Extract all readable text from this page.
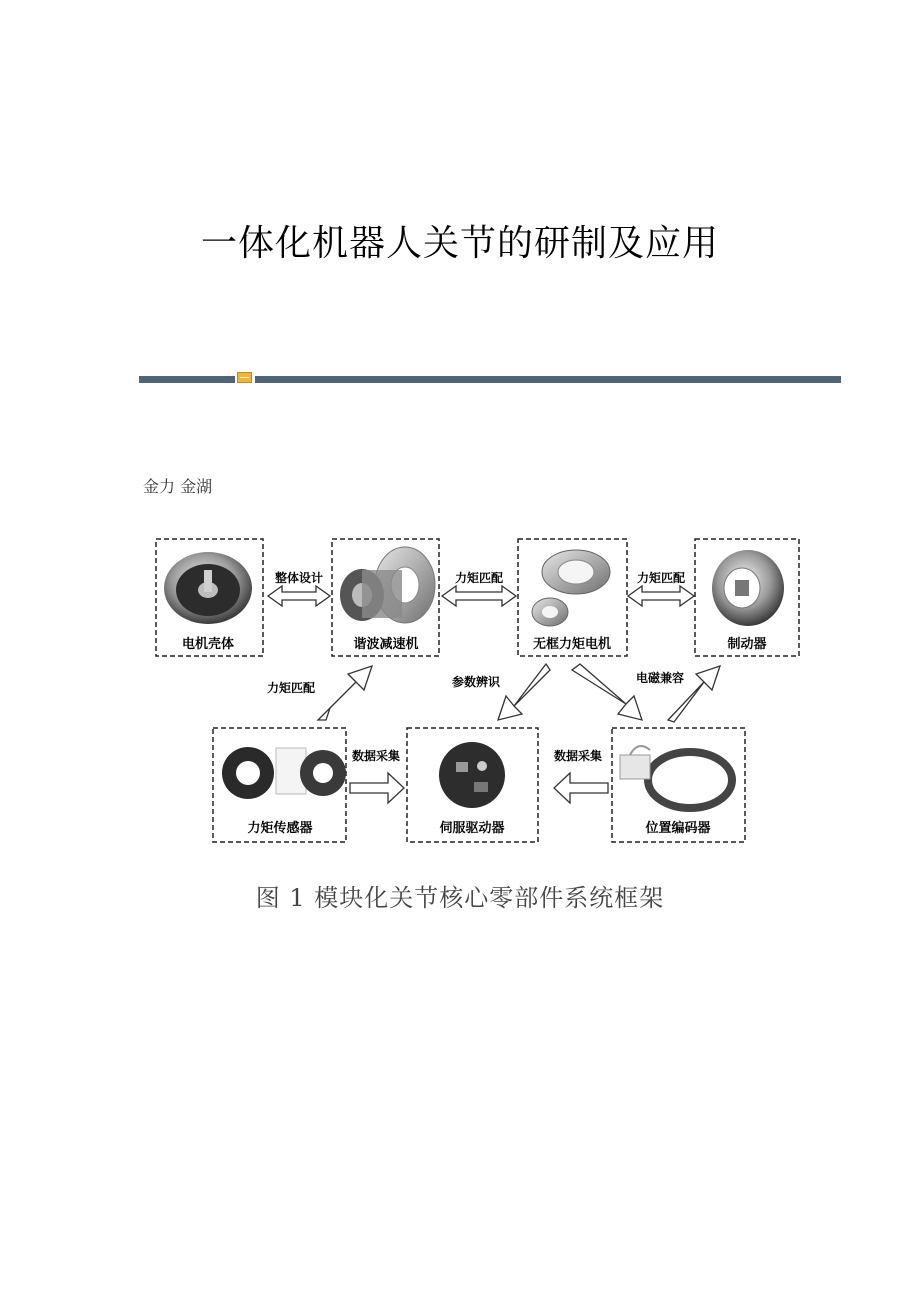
一体化机器人关节的研制及应用
金力 金湖
电机壳体	谐波减速机	无框力矩电机	制动器
力矩传感器	伺服驱动器	位置编码器
整体设计	力矩匹配	力矩匹配
力矩匹配	参数辨识	电磁兼容
数据采集	数据采集
图 1 模块化关节核心零部件系统框架
